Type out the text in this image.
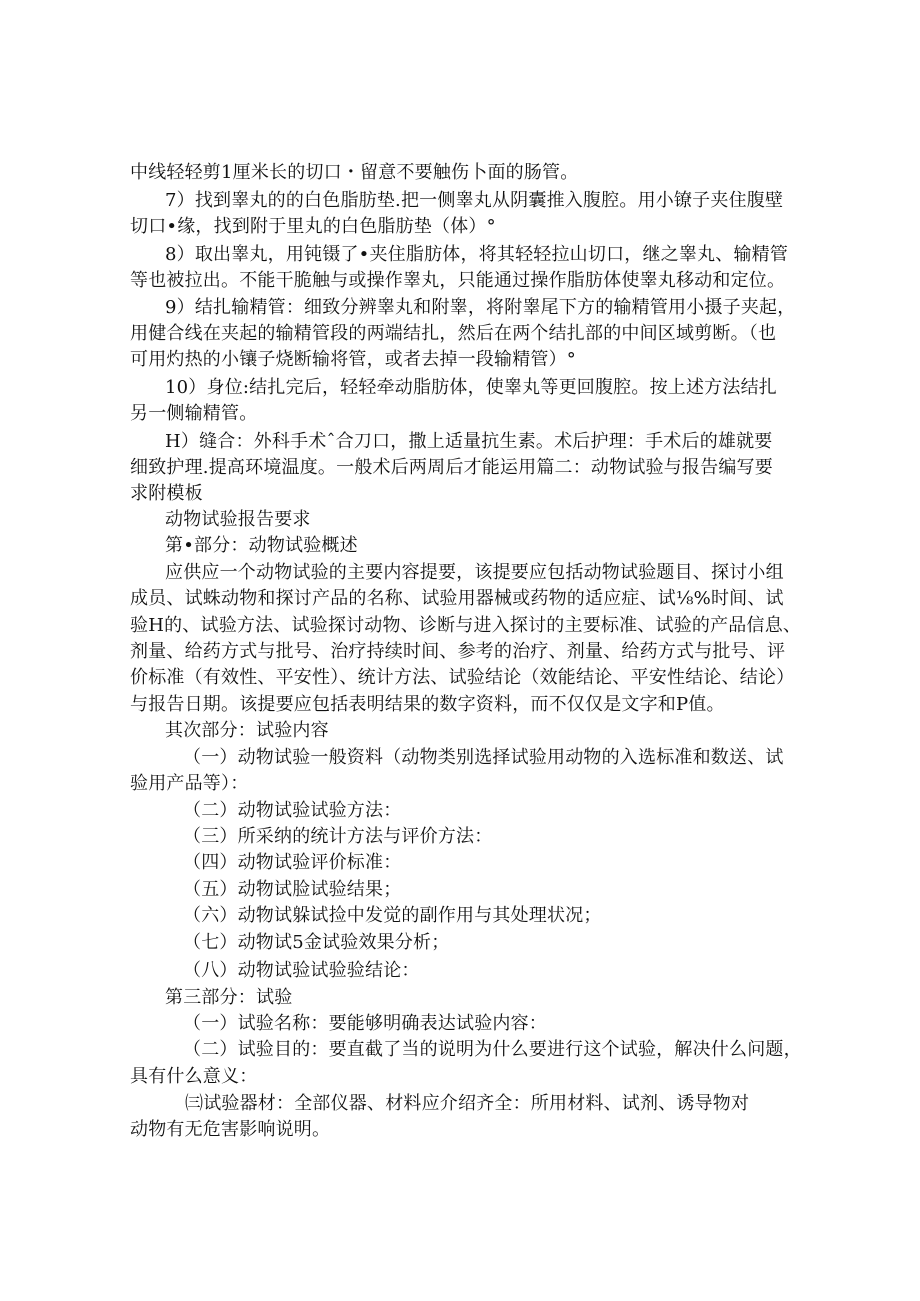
中线轻轻剪1厘米长的切口・留意不要触伤卜面的肠管。
7）找到睾丸的的白色脂肪垫.把一侧睾丸从阴囊推入腹腔。用小镣子夹住腹壁
切口•缘，找到附于里丸的白色脂肪垫（体）°
8）取出睾丸，用钝镊了•夹住脂肪体，将其轻轻拉山切口，继之睾丸、输精管
等也被拉出。不能干脆触与或操作睾丸，只能通过操作脂肪体使睾丸移动和定位。
9）结扎输精管：细致分辨睾丸和附睾，将附睾尾下方的输精管用小摄子夹起，
用健合线在夹起的输精管段的两端结扎，然后在两个结扎部的中间区域剪断。（也
可用灼热的小镶子烧断输将管，或者去掉一段输精管）°
10）身位:结扎完后，轻轻牵动脂肪体，使睾丸等更回腹腔。按上述方法结扎
另一侧输精管。
H）缝合：外科手术ˆ合刀口，撒上适量抗生素。术后护理：手术后的雄就要
细致护理.提高环境温度。一般术后两周后才能运用篇二：动物试验与报告编写要
求附模板
动物试验报告要求
第•部分：动物试验概述
应供应一个动物试验的主要内容提要，该提要应包括动物试验题目、探讨小组
成员、试蛛动物和探讨产品的名称、试验用器械或药物的适应症、试⅛%时间、试
验H的、试验方法、试验探讨动物、诊断与进入探讨的主要标准、试验的产品信息、
剂量、给药方式与批号、治疗持续时间、参考的治疗、剂量、给药方式与批号、评
价标准（有效性、平安性）、统计方法、试验结论（效能结论、平安性结论、结论）
与报告日期。该提要应包括表明结果的数字资料，而不仅仅是文字和P值。
其次部分：试验内容
（一）动物试验一般资料（动物类别选择试验用动物的入选标准和数送、试
验用产品等）：
（二）动物试验试验方法：
（三）所采纳的统计方法与评价方法：
（四）动物试验评价标准：
（五）动物试脸试验结果；
（六）动物试躲试捡中发觉的副作用与其处理状况；
（七）动物试5金试验效果分析；
（八）动物试验试验验结论：
第三部分：试验
（一）试验名称：要能够明确表达试验内容：
（二）试验目的：要直截了当的说明为什么要进行这个试验，解决什么问题，
具有什么意义：
㈢试验器材：全部仪器、材料应介绍齐全：所用材料、试剂、诱导物对
动物有无危害影响说明。
